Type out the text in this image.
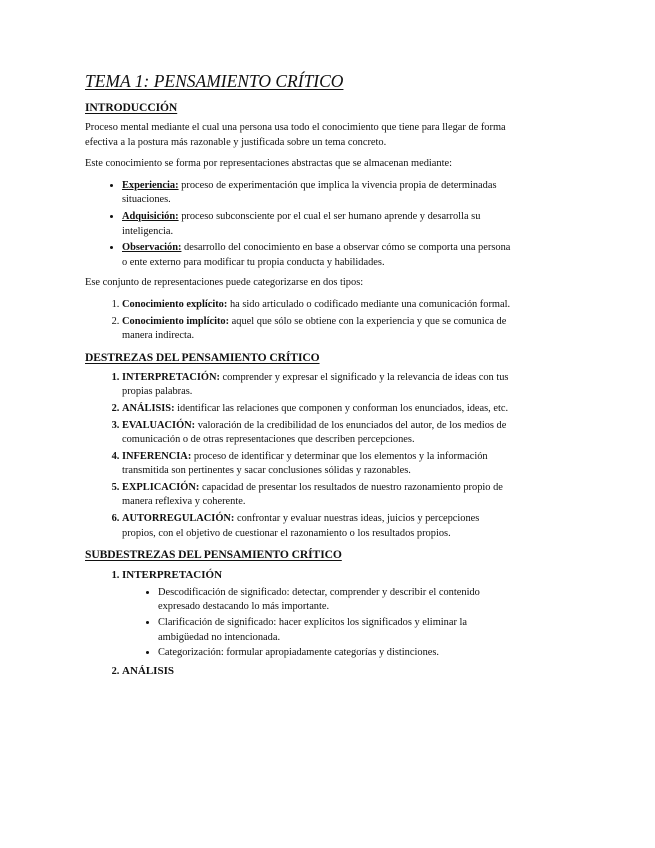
TEMA 1: PENSAMIENTO CRÍTICO
INTRODUCCIÓN

Proceso mental mediante el cual una persona usa todo el conocimiento que tiene para llegar de forma efectiva a la postura más razonable y justificada sobre un tema concreto.

Este conocimiento se forma por representaciones abstractas que se almacenan mediante:

• Experiencia: proceso de experimentación que implica la vivencia propia de determinadas situaciones.
• Adquisición: proceso subconsciente por el cual el ser humano aprende y desarrolla su inteligencia.
• Observación: desarrollo del conocimiento en base a observar cómo se comporta una persona o ente externo para modificar tu propia conducta y habilidades.

Ese conjunto de representaciones puede categorizarse en dos tipos:

1. Conocimiento explícito: ha sido articulado o codificado mediante una comunicación formal.
2. Conocimiento implícito: aquel que sólo se obtiene con la experiencia y que se comunica de manera indirecta.
DESTREZAS DEL PENSAMIENTO CRÍTICO
1. INTERPRETACIÓN: comprender y expresar el significado y la relevancia de ideas con tus propias palabras.
2. ANÁLISIS: identificar las relaciones que componen y conforman los enunciados, ideas, etc.
3. EVALUACIÓN: valoración de la credibilidad de los enunciados del autor, de los medios de comunicación o de otras representaciones que describen percepciones.
4. INFERENCIA: proceso de identificar y determinar que los elementos y la información transmitida son pertinentes y sacar conclusiones sólidas y razonables.
5. EXPLICACIÓN: capacidad de presentar los resultados de nuestro razonamiento propio de manera reflexiva y coherente.
6. AUTORREGULACIÓN: confrontar y evaluar nuestras ideas, juicios y percepciones propios, con el objetivo de cuestionar el razonamiento o los resultados propios.
SUBDESTREZAS DEL PENSAMIENTO CRÍTICO
1. INTERPRETACIÓN
• Descodificación de significado: detectar, comprender y describir el contenido expresado destacando lo más importante.
• Clarificación de significado: hacer explícitos los significados y eliminar la ambigüedad no intencionada.
• Categorización: formular apropiadamente categorías y distinciones.
2. ANÁLISIS
